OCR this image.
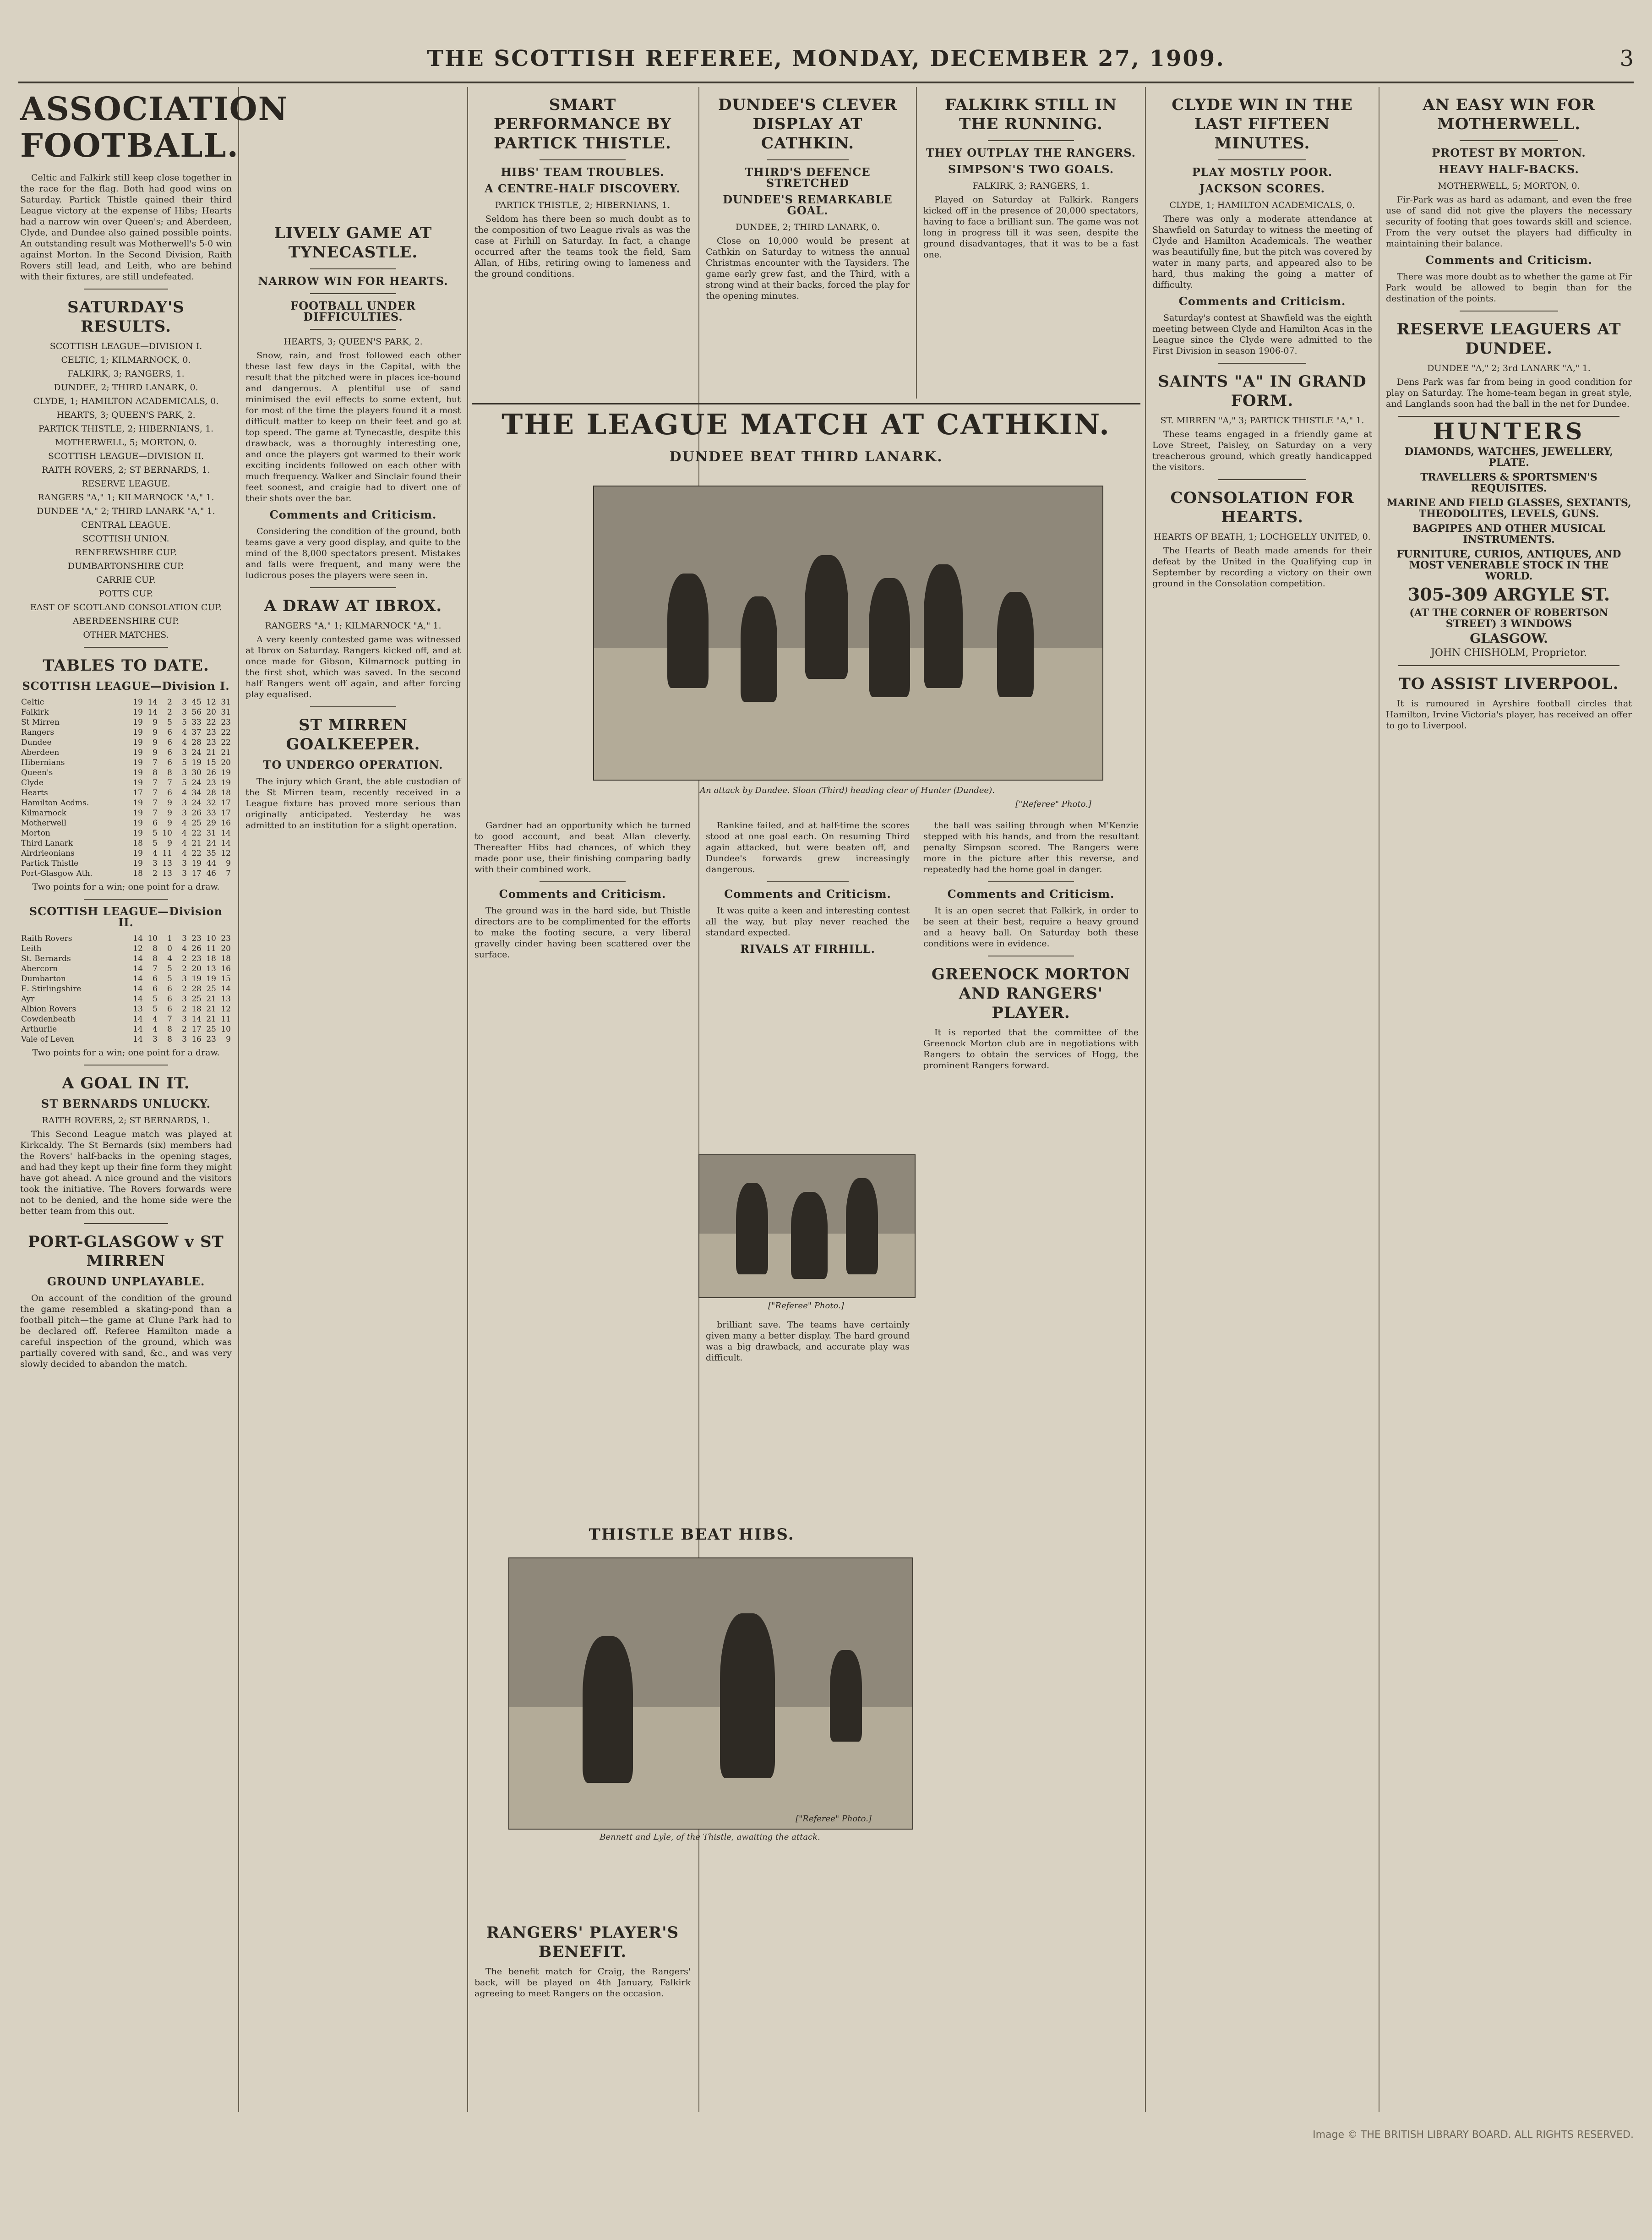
THE SCOTTISH REFEREE, MONDAY, DECEMBER 27, 1909.	3
ASSOCIATION FOOTBALL.

Celtic and Falkirk still keep close together in the race for the flag. Both had good wins on Saturday. Partick Thistle gained their third League victory at the expense of Hibs; Hearts had a narrow win over Queen's; and Aberdeen, Clyde, and Dundee also gained possible points. An outstanding result was Motherwell's 5-0 win against Morton. In the Second Division, Raith Rovers still lead, and Leith, who are behind with their fixtures, are still undefeated.

SATURDAY'S RESULTS.
SCOTTISH LEAGUE—DIVISION I.
CELTIC, 1; KILMARNOCK, 0.
FALKIRK, 3; RANGERS, 1.
DUNDEE, 2; THIRD LANARK, 0.
CLYDE, 1; HAMILTON ACADEMICALS, 0.
HEARTS, 3; QUEEN'S PARK, 2.
PARTICK THISTLE, 2; HIBERNIANS, 1.
MOTHERWELL, 5; MORTON, 0.
SCOTTISH LEAGUE—DIVISION II.
RAITH ROVERS, 2; ST BERNARDS, 1.
RESERVE LEAGUE.
RANGERS "A," 1; KILMARNOCK "A," 1.
DUNDEE "A," 2; THIRD LANARK "A," 1.
CENTRAL LEAGUE.
SCOTTISH UNION.
RENFREWSHIRE CUP.
DUMBARTONSHIRE CUP.
CARRIE CUP.
POTTS CUP.
EAST OF SCOTLAND CONSOLATION CUP.
ABERDEENSHIRE CUP.
OTHER MATCHES.
TABLES TO DATE.
SCOTTISH LEAGUE—Division I.
Celtic	19	14	2	3	45	12	31
Falkirk	19	14	2	3	56	20	31
St Mirren	19	9	5	5	33	22	23
Rangers	19	9	6	4	37	23	22
Dundee	19	9	6	4	28	23	22
Aberdeen	19	9	6	3	24	21	21
Hibernians	19	7	6	5	19	15	20
Queen's	19	8	8	3	30	26	19
Clyde	19	7	7	5	24	23	19
Hearts	17	7	6	4	34	28	18
Hamilton Acdms.	19	7	9	3	24	32	17
Kilmarnock	19	7	9	3	26	33	17
Motherwell	19	6	9	4	25	29	16
Morton	19	5	10	4	22	31	14
Third Lanark	18	5	9	4	21	24	14
Airdrieonians	19	4	11	4	22	35	12
Partick Thistle	19	3	13	3	19	44	9
Port-Glasgow Ath.	18	2	13	3	17	46	7
Two points for a win; one point for a draw.
SCOTTISH LEAGUE—Division II.
Raith Rovers	14	10	1	3	23	10	23
Leith	12	8	0	4	26	11	20
St. Bernards	14	8	4	2	23	18	18
Abercorn	14	7	5	2	20	13	16
Dumbarton	14	6	5	3	19	19	15
E. Stirlingshire	14	6	6	2	28	25	14
Ayr	14	5	6	3	25	21	13
Albion Rovers	13	5	6	2	18	21	12
Cowdenbeath	14	4	7	3	14	21	11
Arthurlie	14	4	8	2	17	25	10
Vale of Leven	14	3	8	3	16	23	9
Two points for a win; one point for a draw.
A GOAL IN IT.
ST BERNARDS UNLUCKY.
RAITH ROVERS, 2; ST BERNARDS, 1.

This Second League match was played at Kirkcaldy. The St Bernards (six) members had the Rovers' half-backs in the opening stages, and had they kept up their fine form they might have got ahead. A nice ground and the visitors took the initiative. The Rovers forwards were not to be denied, and the home side were the better team from this out.

PORT-GLASGOW v ST MIRREN
GROUND UNPLAYABLE.

On account of the condition of the ground the game resembled a skating-pond than a football pitch—the game at Clune Park had to be declared off. Referee Hamilton made a careful inspection of the ground, which was partially covered with sand, &c., and was very slowly decided to abandon the match.

LIVELY GAME AT TYNECASTLE.
NARROW WIN FOR HEARTS.
FOOTBALL UNDER DIFFICULTIES.
HEARTS, 3; QUEEN'S PARK, 2.

Snow, rain, and frost followed each other these last few days in the Capital, with the result that the pitched were in places ice-bound and dangerous. A plentiful use of sand minimised the evil effects to some extent, but for most of the time the players found it a most difficult matter to keep on their feet and go at top speed. The game at Tynecastle, despite this drawback, was a thoroughly interesting one, and once the players got warmed to their work exciting incidents followed on each other with much frequency. Walker and Sinclair found their feet soonest, and craigie had to divert one of their shots over the bar.

Comments and Criticism.

Considering the condition of the ground, both teams gave a very good display, and quite to the mind of the 8,000 spectators present. Mistakes and falls were frequent, and many were the ludicrous poses the players were seen in.

A DRAW AT IBROX.
RANGERS "A," 1; KILMARNOCK "A," 1.

A very keenly contested game was witnessed at Ibrox on Saturday. Rangers kicked off, and at once made for Gibson, Kilmarnock putting in the first shot, which was saved. In the second half Rangers went off again, and after forcing play equalised.

ST MIRREN GOALKEEPER.
TO UNDERGO OPERATION.

The injury which Grant, the able custodian of the St Mirren team, recently received in a League fixture has proved more serious than originally anticipated. Yesterday he was admitted to an institution for a slight operation.

SMART PERFORMANCE BY PARTICK THISTLE.
HIBS' TEAM TROUBLES.
A CENTRE-HALF DISCOVERY.
PARTICK THISTLE, 2; HIBERNIANS, 1.

Seldom has there been so much doubt as to the composition of two League rivals as was the case at Firhill on Saturday. In fact, a change occurred after the teams took the field, Sam Allan, of Hibs, retiring owing to lameness and the ground conditions.

DUNDEE'S CLEVER DISPLAY AT CATHKIN.
THIRD'S DEFENCE STRETCHED
DUNDEE'S REMARKABLE GOAL.
DUNDEE, 2; THIRD LANARK, 0.

Close on 10,000 would be present at Cathkin on Saturday to witness the annual Christmas encounter with the Taysiders. The game early grew fast, and the Third, with a strong wind at their backs, forced the play for the opening minutes.

FALKIRK STILL IN THE RUNNING.
THEY OUTPLAY THE RANGERS.
SIMPSON'S TWO GOALS.
FALKIRK, 3; RANGERS, 1.

Played on Saturday at Falkirk. Rangers kicked off in the presence of 20,000 spectators, having to face a brilliant sun. The game was not long in progress till it was seen, despite the ground disadvantages, that it was to be a fast one.

THE LEAGUE MATCH AT CATHKIN.
DUNDEE BEAT THIRD LANARK.
An attack by Dundee. Sloan (Third) heading clear of Hunter (Dundee).
["Referee" Photo.]

Gardner had an opportunity which he turned to good account, and beat Allan cleverly. Thereafter Hibs had chances, of which they made poor use, their finishing comparing badly with their combined work.

Comments and Criticism.

The ground was in the hard side, but Thistle directors are to be complimented for the efforts to make the footing secure, a very liberal gravelly cinder having been scattered over the surface.

Rankine failed, and at half-time the scores stood at one goal each. On resuming Third again attacked, but were beaten off, and Dundee's forwards grew increasingly dangerous.

Comments and Criticism.

It was quite a keen and interesting contest all the way, but play never reached the standard expected.

RIVALS AT FIRHILL.
["Referee" Photo.]

brilliant save. The teams have certainly given many a better display. The hard ground was a big drawback, and accurate play was difficult.

THISTLE BEAT HIBS.
Bennett and Lyle, of the Thistle, awaiting the attack.
["Referee" Photo.]
RANGERS' PLAYER'S BENEFIT.

The benefit match for Craig, the Rangers' back, will be played on 4th January, Falkirk agreeing to meet Rangers on the occasion.

the ball was sailing through when M'Kenzie stepped with his hands, and from the resultant penalty Simpson scored. The Rangers were more in the picture after this reverse, and repeatedly had the home goal in danger.

Comments and Criticism.

It is an open secret that Falkirk, in order to be seen at their best, require a heavy ground and a heavy ball. On Saturday both these conditions were in evidence.

GREENOCK MORTON AND RANGERS' PLAYER.

It is reported that the committee of the Greenock Morton club are in negotiations with Rangers to obtain the services of Hogg, the prominent Rangers forward.

CLYDE WIN IN THE LAST FIFTEEN MINUTES.
PLAY MOSTLY POOR.
JACKSON SCORES.
CLYDE, 1; HAMILTON ACADEMICALS, 0.

There was only a moderate attendance at Shawfield on Saturday to witness the meeting of Clyde and Hamilton Academicals. The weather was beautifully fine, but the pitch was covered by water in many parts, and appeared also to be hard, thus making the going a matter of difficulty.

Comments and Criticism.

Saturday's contest at Shawfield was the eighth meeting between Clyde and Hamilton Acas in the League since the Clyde were admitted to the First Division in season 1906-07.

SAINTS "A" IN GRAND FORM.
ST. MIRREN "A," 3; PARTICK THISTLE "A," 1.

These teams engaged in a friendly game at Love Street, Paisley, on Saturday on a very treacherous ground, which greatly handicapped the visitors.

CONSOLATION FOR HEARTS.
HEARTS OF BEATH, 1; LOCHGELLY UNITED, 0.

The Hearts of Beath made amends for their defeat by the United in the Qualifying cup in September by recording a victory on their own ground in the Consolation competition.

AN EASY WIN FOR MOTHERWELL.
PROTEST BY MORTON.
HEAVY HALF-BACKS.
MOTHERWELL, 5; MORTON, 0.

Fir-Park was as hard as adamant, and even the free use of sand did not give the players the necessary security of footing that goes towards skill and science. From the very outset the players had difficulty in maintaining their balance.

Comments and Criticism.

There was more doubt as to whether the game at Fir Park would be allowed to begin than for the destination of the points.

RESERVE LEAGUERS AT DUNDEE.
DUNDEE "A," 2; 3rd LANARK "A," 1.

Dens Park was far from being in good condition for play on Saturday. The home-team began in great style, and Langlands soon had the ball in the net for Dundee.

HUNTERS
DIAMONDS, WATCHES, JEWELLERY, PLATE.
TRAVELLERS & SPORTSMEN'S REQUISITES.
MARINE AND FIELD GLASSES, SEXTANTS, THEODOLITES, LEVELS, GUNS.
BAGPIPES AND OTHER MUSICAL INSTRUMENTS.
FURNITURE, CURIOS, ANTIQUES, AND MOST VENERABLE STOCK IN THE WORLD.
305-309 ARGYLE ST.
(AT THE CORNER OF ROBERTSON STREET) 3 WINDOWS
GLASGOW.
JOHN CHISHOLM, Proprietor.
TO ASSIST LIVERPOOL.

It is rumoured in Ayrshire football circles that Hamilton, Irvine Victoria's player, has received an offer to go to Liverpool.

Image © THE BRITISH LIBRARY BOARD. ALL RIGHTS RESERVED.
